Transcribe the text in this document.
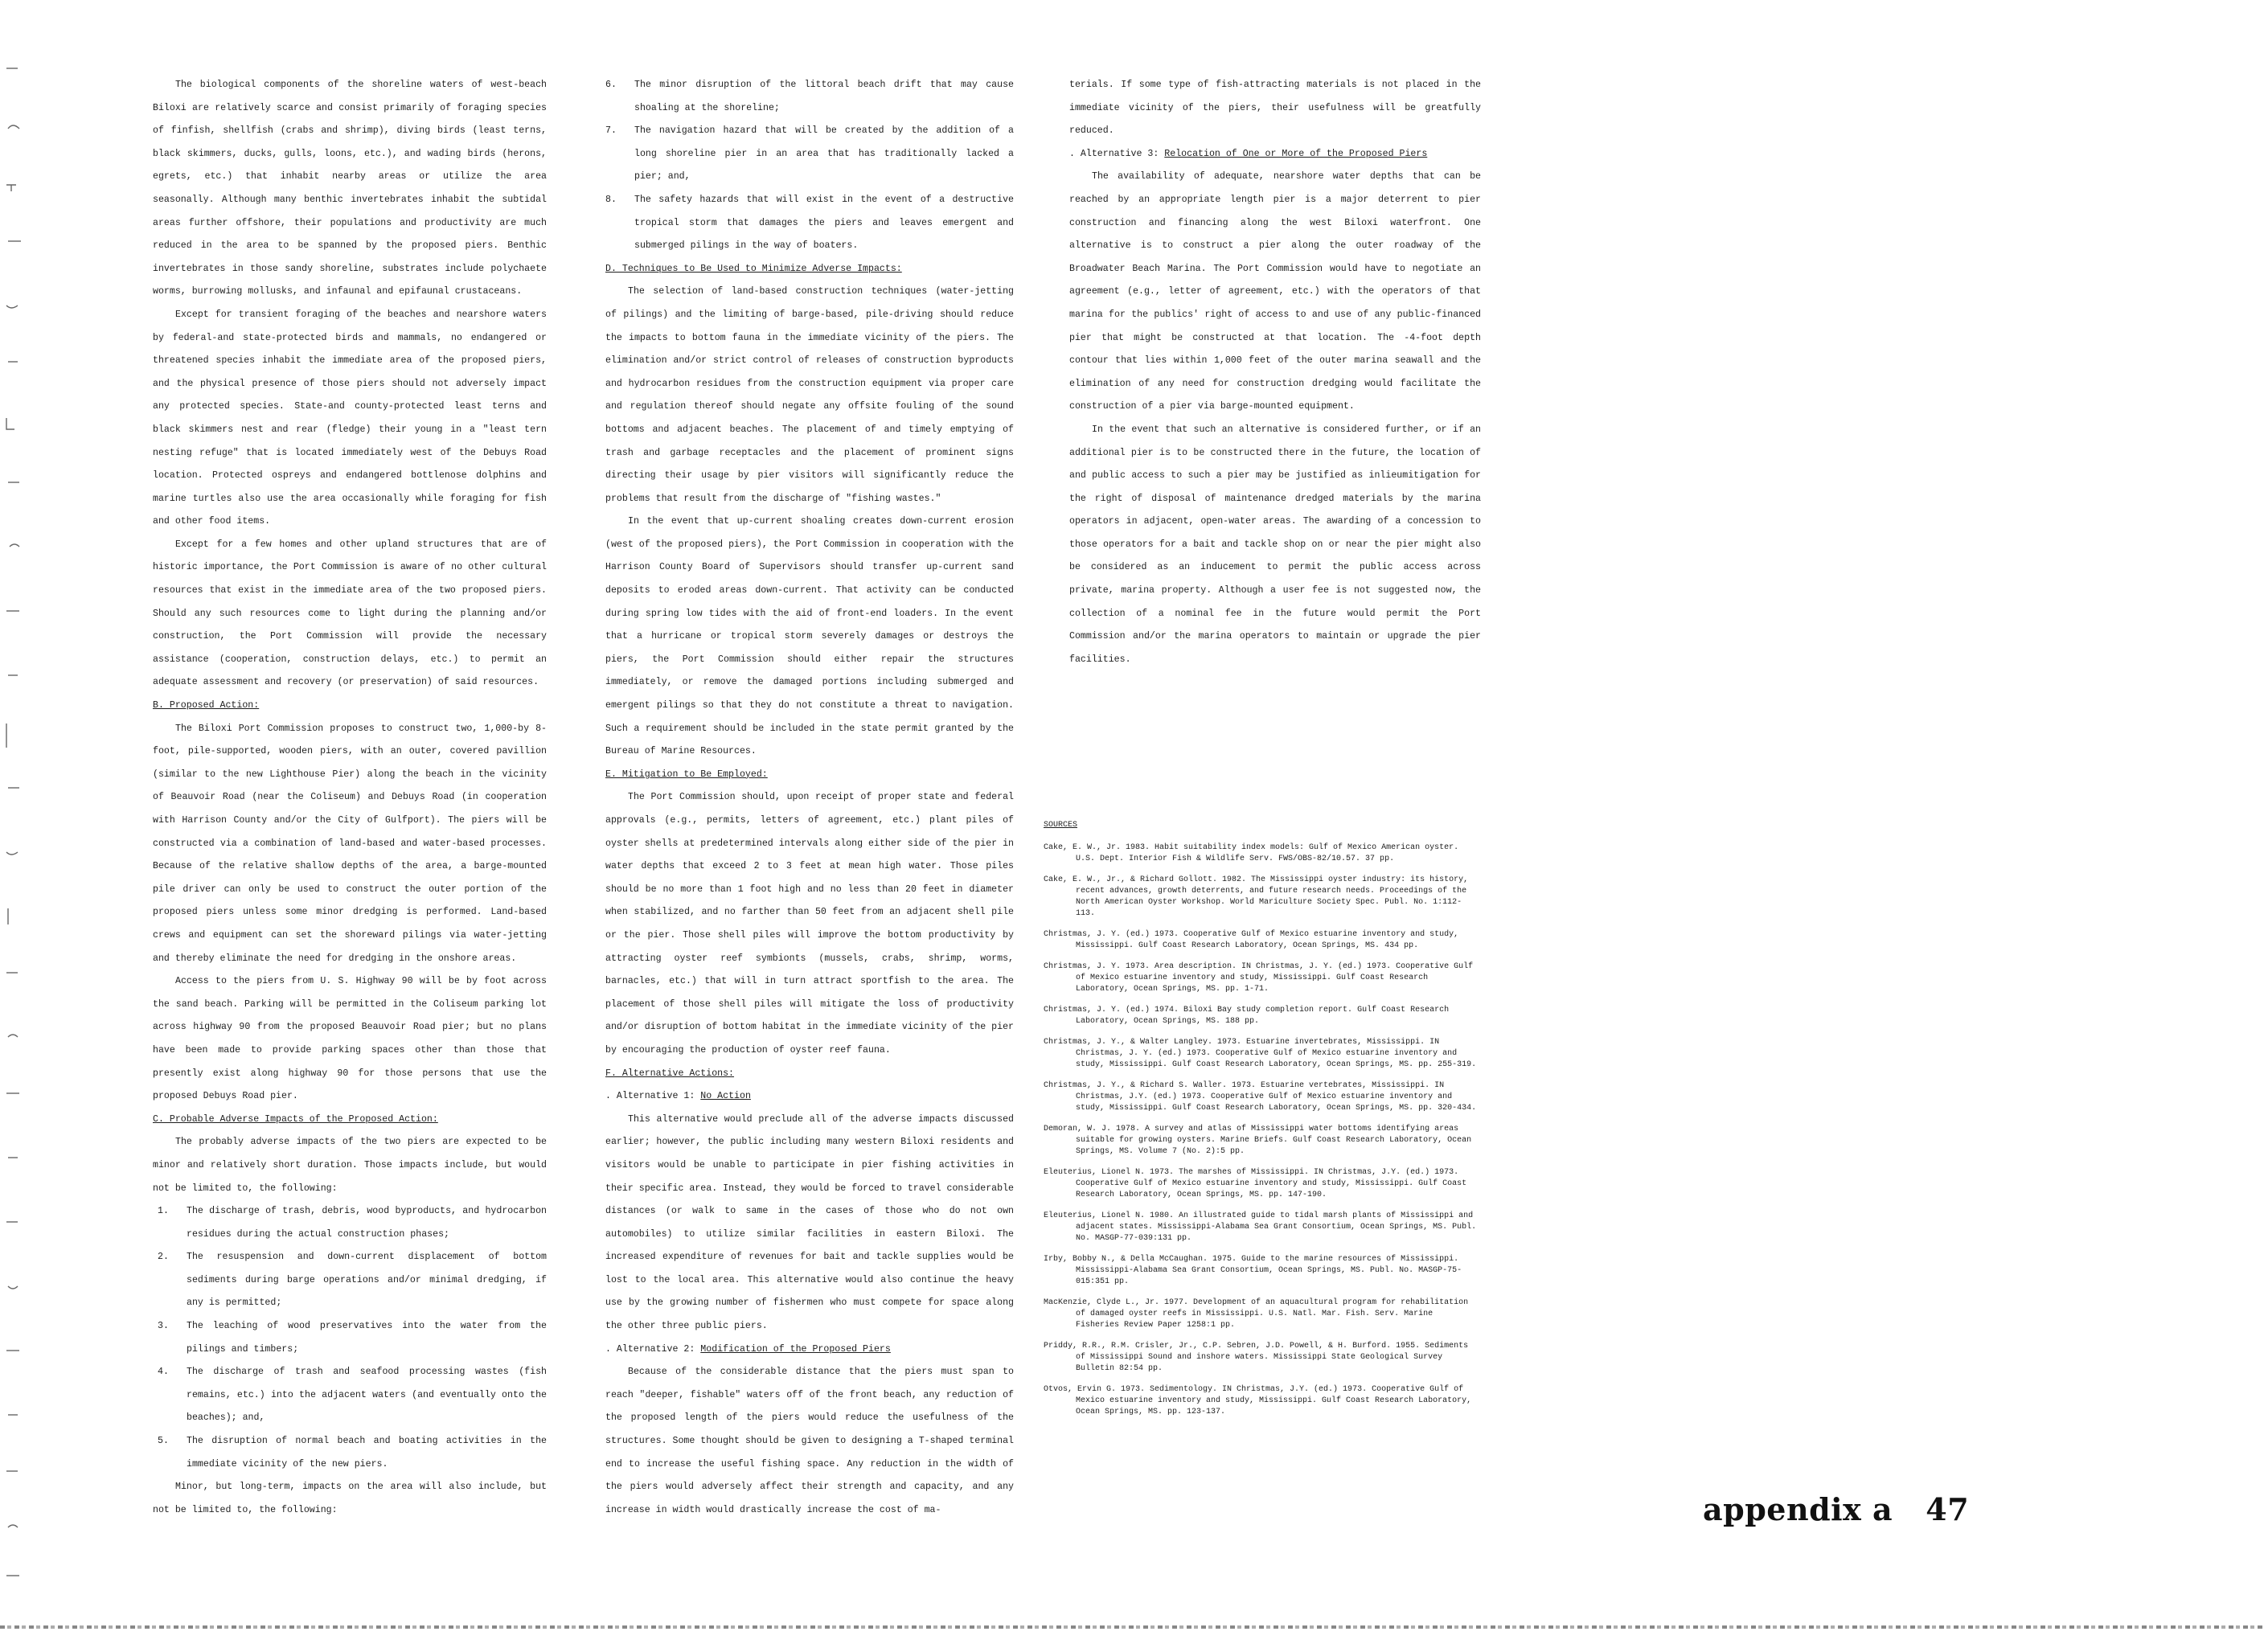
The biological components of the shoreline waters of west-beach Biloxi are relatively scarce and consist primarily of foraging species of finfish, shellfish (crabs and shrimp), diving birds (least terns, black skimmers, ducks, gulls, loons, etc.), and wading birds (herons, egrets, etc.) that inhabit nearby areas or utilize the area seasonally. Although many benthic invertebrates inhabit the subtidal areas further offshore, their populations and productivity are much reduced in the area to be spanned by the proposed piers. Benthic invertebrates in those sandy shoreline, substrates include polychaete worms, burrowing mollusks, and infaunal and epifaunal crustaceans.

Except for transient foraging of the beaches and nearshore waters by federal-and state-protected birds and mammals, no endangered or threatened species inhabit the immediate area of the proposed piers, and the physical presence of those piers should not adversely impact any protected species. State-and county-protected least terns and black skimmers nest and rear (fledge) their young in a "least tern nesting refuge" that is located immediately west of the Debuys Road location. Protected ospreys and endangered bottlenose dolphins and marine turtles also use the area occasionally while foraging for fish and other food items.

Except for a few homes and other upland structures that are of historic importance, the Port Commission is aware of no other cultural resources that exist in the immediate area of the two proposed piers. Should any such resources come to light during the planning and/or construction, the Port Commission will provide the necessary assistance (cooperation, construction delays, etc.) to permit an adequate assessment and recovery (or preservation) of said resources.

B. Proposed Action:

The Biloxi Port Commission proposes to construct two, 1,000-by 8-foot, pile-supported, wooden piers, with an outer, covered pavillion (similar to the new Lighthouse Pier) along the beach in the vicinity of Beauvoir Road (near the Coliseum) and Debuys Road (in cooperation with Harrison County and/or the City of Gulfport). The piers will be constructed via a combination of land-based and water-based processes. Because of the relative shallow depths of the area, a barge-mounted pile driver can only be used to construct the outer portion of the proposed piers unless some minor dredging is performed. Land-based crews and equipment can set the shoreward pilings via water-jetting and thereby eliminate the need for dredging in the onshore areas.

Access to the piers from U. S. Highway 90 will be by foot across the sand beach. Parking will be permitted in the Coliseum parking lot across highway 90 from the proposed Beauvoir Road pier; but no plans have been made to provide parking spaces other than those that presently exist along highway 90 for those persons that use the proposed Debuys Road pier.

C. Probable Adverse Impacts of the Proposed Action:

The probably adverse impacts of the two piers are expected to be minor and relatively short duration. Those impacts include, but would not be limited to, the following:

1.	The discharge of trash, debris, wood byproducts, and hydrocarbon residues during the actual construction phases;
2.	The resuspension and down-current displacement of bottom sediments during barge operations and/or minimal dredging, if any is permitted;
3.	The leaching of wood preservatives into the water from the pilings and timbers;
4.	The discharge of trash and seafood processing wastes (fish remains, etc.) into the adjacent waters (and eventually onto the beaches); and,
5.	The disruption of normal beach and boating activities in the immediate vicinity of the new piers.

Minor, but long-term, impacts on the area will also include, but not be limited to, the following:

6.	The minor disruption of the littoral beach drift that may cause shoaling at the shoreline;
7.	The navigation hazard that will be created by the addition of a long shoreline pier in an area that has traditionally lacked a pier; and,
8.	The safety hazards that will exist in the event of a destructive tropical storm that damages the piers and leaves emergent and submerged pilings in the way of boaters.

D. Techniques to Be Used to Minimize Adverse Impacts:

The selection of land-based construction techniques (water-jetting of pilings) and the limiting of barge-based, pile-driving should reduce the impacts to bottom fauna in the immediate vicinity of the piers. The elimination and/or strict control of releases of construction byproducts and hydrocarbon residues from the construction equipment via proper care and regulation thereof should negate any offsite fouling of the sound bottoms and adjacent beaches. The placement of and timely emptying of trash and garbage receptacles and the placement of prominent signs directing their usage by pier visitors will significantly reduce the problems that result from the discharge of "fishing wastes."

In the event that up-current shoaling creates down-current erosion (west of the proposed piers), the Port Commission in cooperation with the Harrison County Board of Supervisors should transfer up-current sand deposits to eroded areas down-current. That activity can be conducted during spring low tides with the aid of front-end loaders. In the event that a hurricane or tropical storm severely damages or destroys the piers, the Port Commission should either repair the structures immediately, or remove the damaged portions including submerged and emergent pilings so that they do not constitute a threat to navigation. Such a requirement should be included in the state permit granted by the Bureau of Marine Resources.

E. Mitigation to Be Employed:

The Port Commission should, upon receipt of proper state and federal approvals (e.g., permits, letters of agreement, etc.) plant piles of oyster shells at predetermined intervals along either side of the pier in water depths that exceed 2 to 3 feet at mean high water. Those piles should be no more than 1 foot high and no less than 20 feet in diameter when stabilized, and no farther than 50 feet from an adjacent shell pile or the pier. Those shell piles will improve the bottom productivity by attracting oyster reef symbionts (mussels, crabs, shrimp, worms, barnacles, etc.) that will in turn attract sportfish to the area. The placement of those shell piles will mitigate the loss of productivity and/or disruption of bottom habitat in the immediate vicinity of the pier by encouraging the production of oyster reef fauna.

F. Alternative Actions:

. Alternative 1: No Action

This alternative would preclude all of the adverse impacts discussed earlier; however, the public including many western Biloxi residents and visitors would be unable to participate in pier fishing activities in their specific area. Instead, they would be forced to travel considerable distances (or walk to same in the cases of those who do not own automobiles) to utilize similar facilities in eastern Biloxi. The increased expenditure of revenues for bait and tackle supplies would be lost to the local area. This alternative would also continue the heavy use by the growing number of fishermen who must compete for space along the other three public piers.

. Alternative 2: Modification of the Proposed Piers

Because of the considerable distance that the piers must span to reach "deeper, fishable" waters off of the front beach, any reduction of the proposed length of the piers would reduce the usefulness of the structures. Some thought should be given to designing a T-shaped terminal end to increase the useful fishing space. Any reduction in the width of the piers would adversely affect their strength and capacity, and any increase in width would drastically increase the cost of ma-

terials. If some type of fish-attracting materials is not placed in the immediate vicinity of the piers, their usefulness will be greatfully reduced.

. Alternative 3: Relocation of One or More of the Proposed Piers

The availability of adequate, nearshore water depths that can be reached by an appropriate length pier is a major deterrent to pier construction and financing along the west Biloxi waterfront. One alternative is to construct a pier along the outer roadway of the Broadwater Beach Marina. The Port Commission would have to negotiate an agreement (e.g., letter of agreement, etc.) with the operators of that marina for the publics' right of access to and use of any public-financed pier that might be constructed at that location. The -4-foot depth contour that lies within 1,000 feet of the outer marina seawall and the elimination of any need for construction dredging would facilitate the construction of a pier via barge-mounted equipment.

In the event that such an alternative is considered further, or if an additional pier is to be constructed there in the future, the location of and public access to such a pier may be justified as inlieumitigation for the right of disposal of maintenance dredged materials by the marina operators in adjacent, open-water areas. The awarding of a concession to those operators for a bait and tackle shop on or near the pier might also be considered as an inducement to permit the public access across private, marina property. Although a user fee is not suggested now, the collection of a nominal fee in the future would permit the Port Commission and/or the marina operators to maintain or upgrade the pier facilities.

SOURCES

Cake, E. W., Jr. 1983. Habit suitability index models: Gulf of Mexico American oyster. U.S. Dept. Interior Fish & Wildlife Serv. FWS/OBS-82/10.57. 37 pp.

Cake, E. W., Jr., & Richard Gollott. 1982. The Mississippi oyster industry: its history, recent advances, growth deterrents, and future research needs. Proceedings of the North American Oyster Workshop. World Mariculture Society Spec. Publ. No. 1:112-113.

Christmas, J. Y. (ed.) 1973. Cooperative Gulf of Mexico estuarine inventory and study, Mississippi. Gulf Coast Research Laboratory, Ocean Springs, MS. 434 pp.

Christmas, J. Y. 1973. Area description. IN Christmas, J. Y. (ed.) 1973. Cooperative Gulf of Mexico estuarine inventory and study, Mississippi. Gulf Coast Research Laboratory, Ocean Springs, MS. pp. 1-71.

Christmas, J. Y. (ed.) 1974. Biloxi Bay study completion report. Gulf Coast Research Laboratory, Ocean Springs, MS. 188 pp.

Christmas, J. Y., & Walter Langley. 1973. Estuarine invertebrates, Mississippi. IN Christmas, J. Y. (ed.) 1973. Cooperative Gulf of Mexico estuarine inventory and study, Mississippi. Gulf Coast Research Laboratory, Ocean Springs, MS. pp. 255-319.

Christmas, J. Y., & Richard S. Waller. 1973. Estuarine vertebrates, Mississippi. IN Christmas, J.Y. (ed.) 1973. Cooperative Gulf of Mexico estuarine inventory and study, Mississippi. Gulf Coast Research Laboratory, Ocean Springs, MS. pp. 320-434.

Demoran, W. J. 1978. A survey and atlas of Mississippi water bottoms identifying areas suitable for growing oysters. Marine Briefs. Gulf Coast Research Laboratory, Ocean Springs, MS. Volume 7 (No. 2):5 pp.

Eleuterius, Lionel N. 1973. The marshes of Mississippi. IN Christmas, J.Y. (ed.) 1973. Cooperative Gulf of Mexico estuarine inventory and study, Mississippi. Gulf Coast Research Laboratory, Ocean Springs, MS. pp. 147-190.

Eleuterius, Lionel N. 1980. An illustrated guide to tidal marsh plants of Mississippi and adjacent states. Mississippi-Alabama Sea Grant Consortium, Ocean Springs, MS. Publ. No. MASGP-77-039:131 pp.

Irby, Bobby N., & Della McCaughan. 1975. Guide to the marine resources of Mississippi. Mississippi-Alabama Sea Grant Consortium, Ocean Springs, MS. Publ. No. MASGP-75-015:351 pp.

MacKenzie, Clyde L., Jr. 1977. Development of an aquacultural program for rehabilitation of damaged oyster reefs in Mississippi. U.S. Natl. Mar. Fish. Serv. Marine Fisheries Review Paper 1258:1 pp.

Priddy, R.R., R.M. Crisler, Jr., C.P. Sebren, J.D. Powell, & H. Burford. 1955. Sediments of Mississippi Sound and inshore waters. Mississippi State Geological Survey Bulletin 82:54 pp.

Otvos, Ervin G. 1973. Sedimentology. IN Christmas, J.Y. (ed.) 1973. Cooperative Gulf of Mexico estuarine inventory and study, Mississippi. Gulf Coast Research Laboratory, Ocean Springs, MS. pp. 123-137.

appendix a 47
